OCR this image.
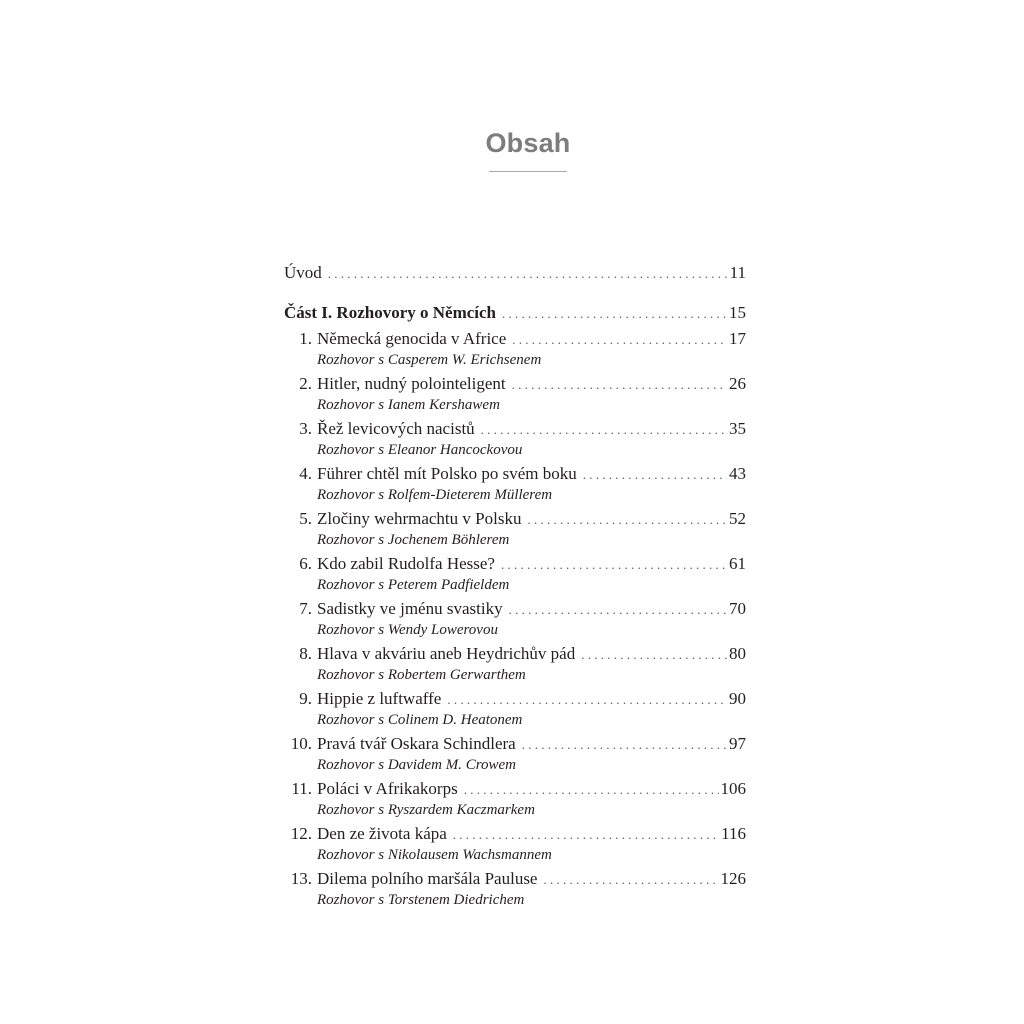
Obsah
Úvod . . .	11
Část I. Rozhovory o Němcích . . .	15
1. Německá genocida v Africe . . .	17
Rozhovor s Casperem W. Erichsenem
2. Hitler, nudný polointeligent . . .	26
Rozhovor s Ianem Kershawem
3. Řež levicových nacistů . . .	35
Rozhovor s Eleanor Hancockovou
4. Führer chtěl mít Polsko po svém boku . . .	43
Rozhovor s Rolfem-Dieterem Müllerem
5. Zločiny wehrmachtu v Polsku . . .	52
Rozhovor s Jochenem Böhlerem
6. Kdo zabil Rudolfa Hesse? . . .	61
Rozhovor s Peterem Padfieldem
7. Sadistky ve jménu svastiky . . .	70
Rozhovor s Wendy Lowerovou
8. Hlava v akváriu aneb Heydrichův pád . . .	80
Rozhovor s Robertem Gerwarthem
9. Hippie z luftwaffe . . .	90
Rozhovor s Colinem D. Heatonem
10. Pravá tvář Oskara Schindlera . . .	97
Rozhovor s Davidem M. Crowem
11. Poláci v Afrikakorps . . .	106
Rozhovor s Ryszardem Kaczmarkem
12. Den ze života kápa . . .	116
Rozhovor s Nikolausem Wachsmannem
13. Dilema polního maršála Pauluse . . .	126
Rozhovor s Torstenem Diedrichem
